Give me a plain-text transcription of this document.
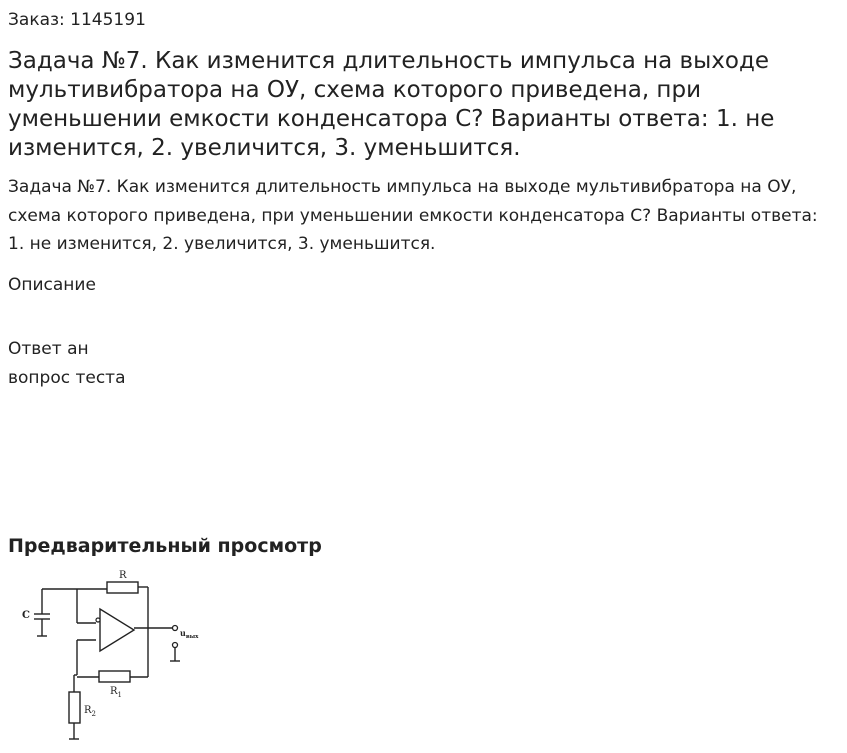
Заказ: 1145191

Задача №7. Как изменится длительность импульса на выходе мультивибратора на ОУ, схема которого приведена, при уменьшении емкости конденсатора С? Варианты ответа: 1. не изменится, 2. увеличится, 3. уменьшится.

Задача №7. Как изменится длительность импульса на выходе мультивибратора на ОУ, схема которого приведена, при уменьшении емкости конденсатора С? Варианты ответа: 1. не изменится, 2. увеличится, 3. уменьшится.

Описание

Ответ ан
вопрос теста

Предварительный просмотр
R
C
$R_1$
$R_2$
$u_{вых}$
